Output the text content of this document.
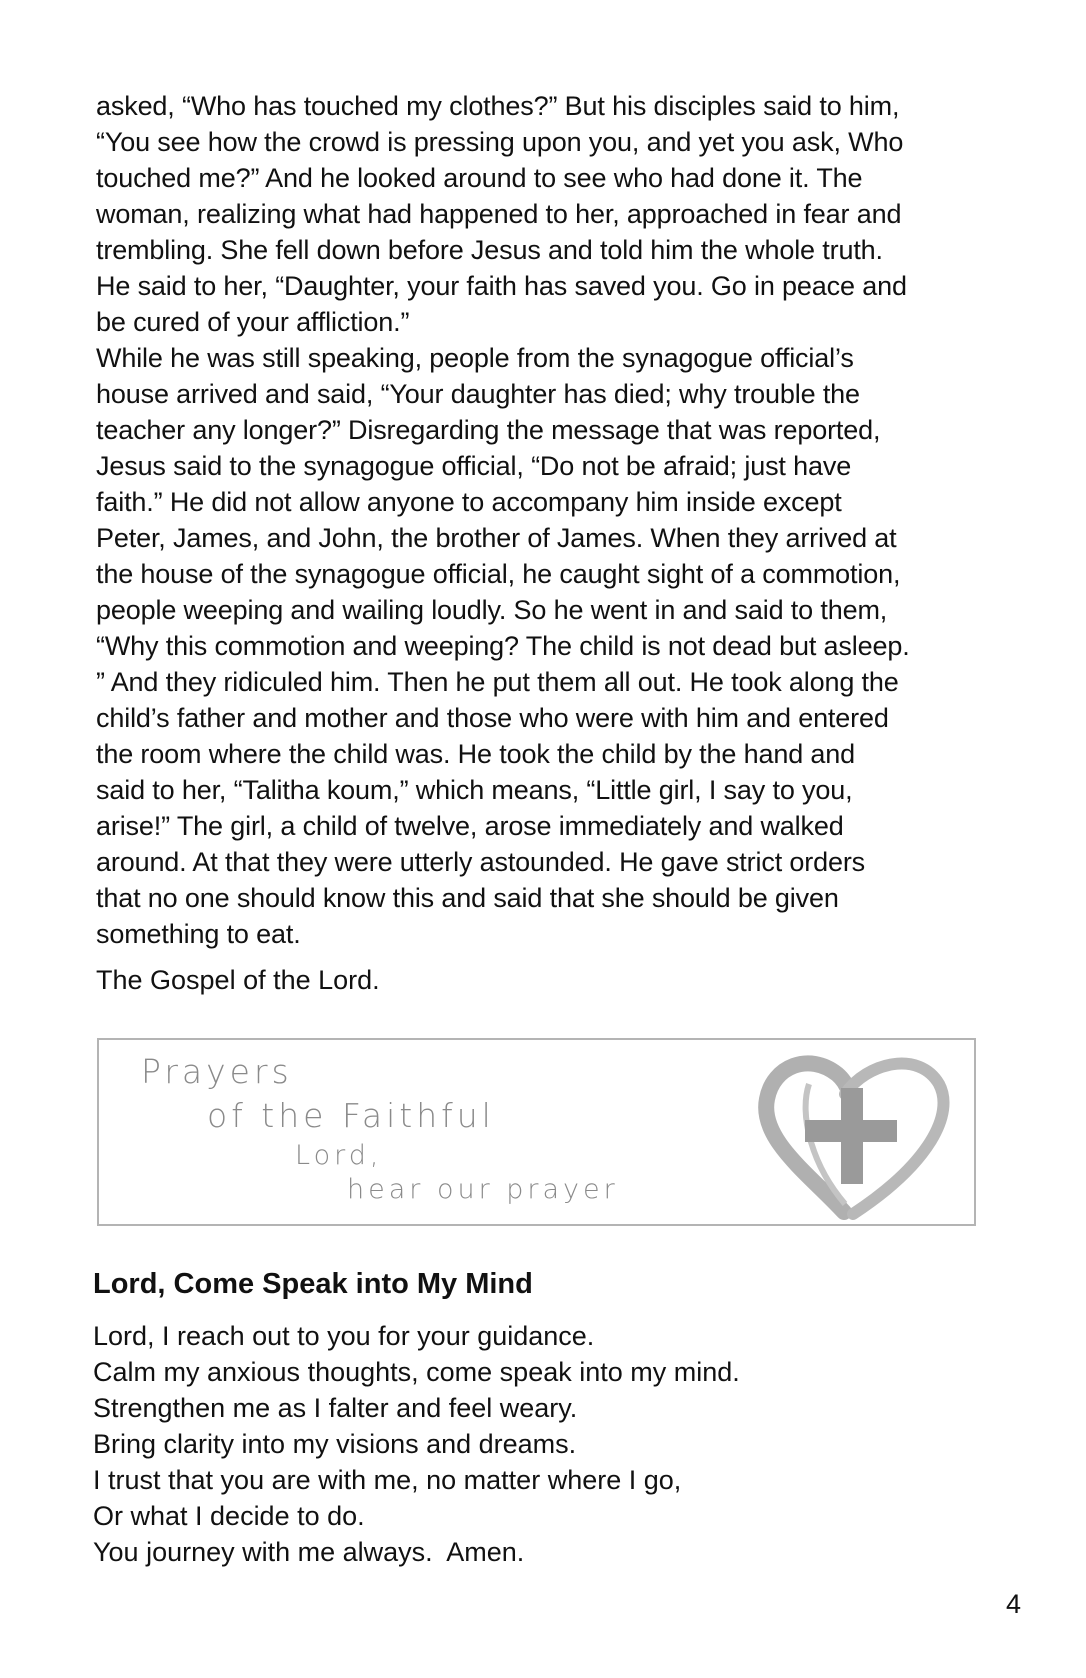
asked, “Who has touched my clothes?” But his disciples said to him,
“You see how the crowd is pressing upon you, and yet you ask, Who
touched me?” And he looked around to see who had done it. The
woman, realizing what had happened to her, approached in fear and
trembling. She fell down before Jesus and told him the whole truth.
He said to her, “Daughter, your faith has saved you. Go in peace and
be cured of your affliction.”
While he was still speaking, people from the synagogue official’s
house arrived and said, “Your daughter has died; why trouble the
teacher any longer?” Disregarding the message that was reported,
Jesus said to the synagogue official, “Do not be afraid; just have
faith.” He did not allow anyone to accompany him inside except
Peter, James, and John, the brother of James. When they arrived at
the house of the synagogue official, he caught sight of a commotion,
people weeping and wailing loudly. So he went in and said to them,
“Why this commotion and weeping? The child is not dead but asleep.
” And they ridiculed him. Then he put them all out. He took along the
child’s father and mother and those who were with him and entered
the room where the child was. He took the child by the hand and
said to her, “Talitha koum,” which means, “Little girl, I say to you,
arise!” The girl, a child of twelve, arose immediately and walked
around. At that they were utterly astounded. He gave strict orders
that no one should know this and said that she should be given
something to eat.
The Gospel of the Lord.
Prayers
of the Faithful
Lord,
hear our prayer
Lord, Come Speak into My Mind
Lord, I reach out to you for your guidance.
Calm my anxious thoughts, come speak into my mind.
Strengthen me as I falter and feel weary.
Bring clarity into my visions and dreams.
I trust that you are with me, no matter where I go,
Or what I decide to do.
You journey with me always.  Amen.
4
